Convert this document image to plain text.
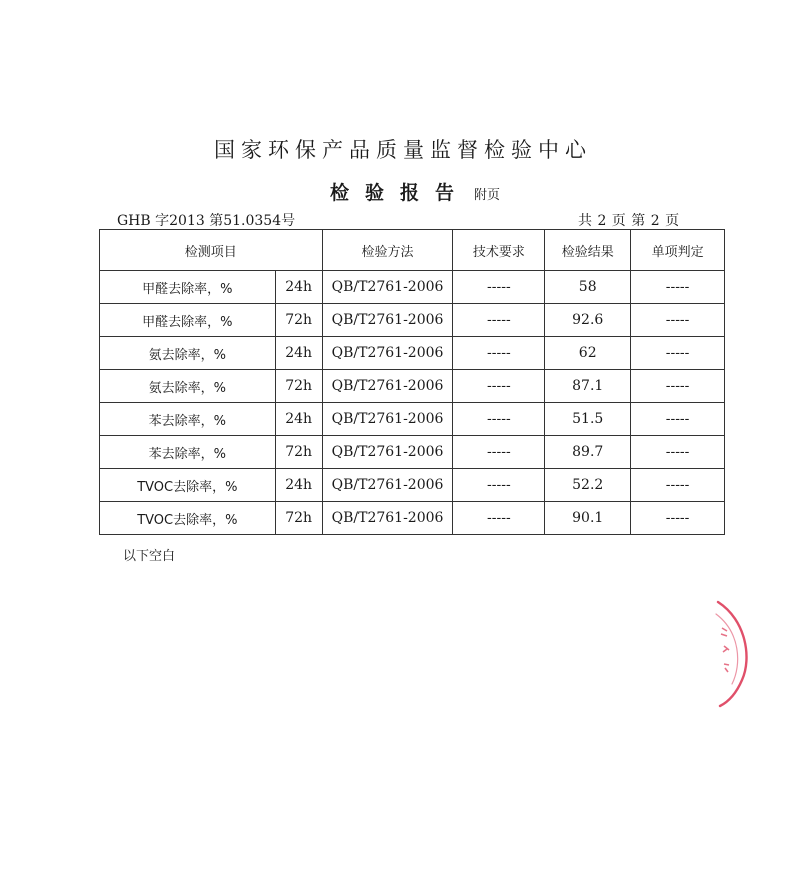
国家环保产品质量监督检验中心
检验报告 附页
GHB 字2013 第51.0354号	共 2 页 第 2 页
检测项目		检验方法	技术要求	检验结果	单项判定
甲醛去除率，%	24h	QB/T2761-2006	-----	58	-----
甲醛去除率，%	72h	QB/T2761-2006	-----	92.6	-----
氨去除率，%	24h	QB/T2761-2006	-----	62	-----
氨去除率，%	72h	QB/T2761-2006	-----	87.1	-----
苯去除率，%	24h	QB/T2761-2006	-----	51.5	-----
苯去除率，%	72h	QB/T2761-2006	-----	89.7	-----
TVOC去除率，%	24h	QB/T2761-2006	-----	52.2	-----
TVOC去除率，%	72h	QB/T2761-2006	-----	90.1	-----
以下空白
